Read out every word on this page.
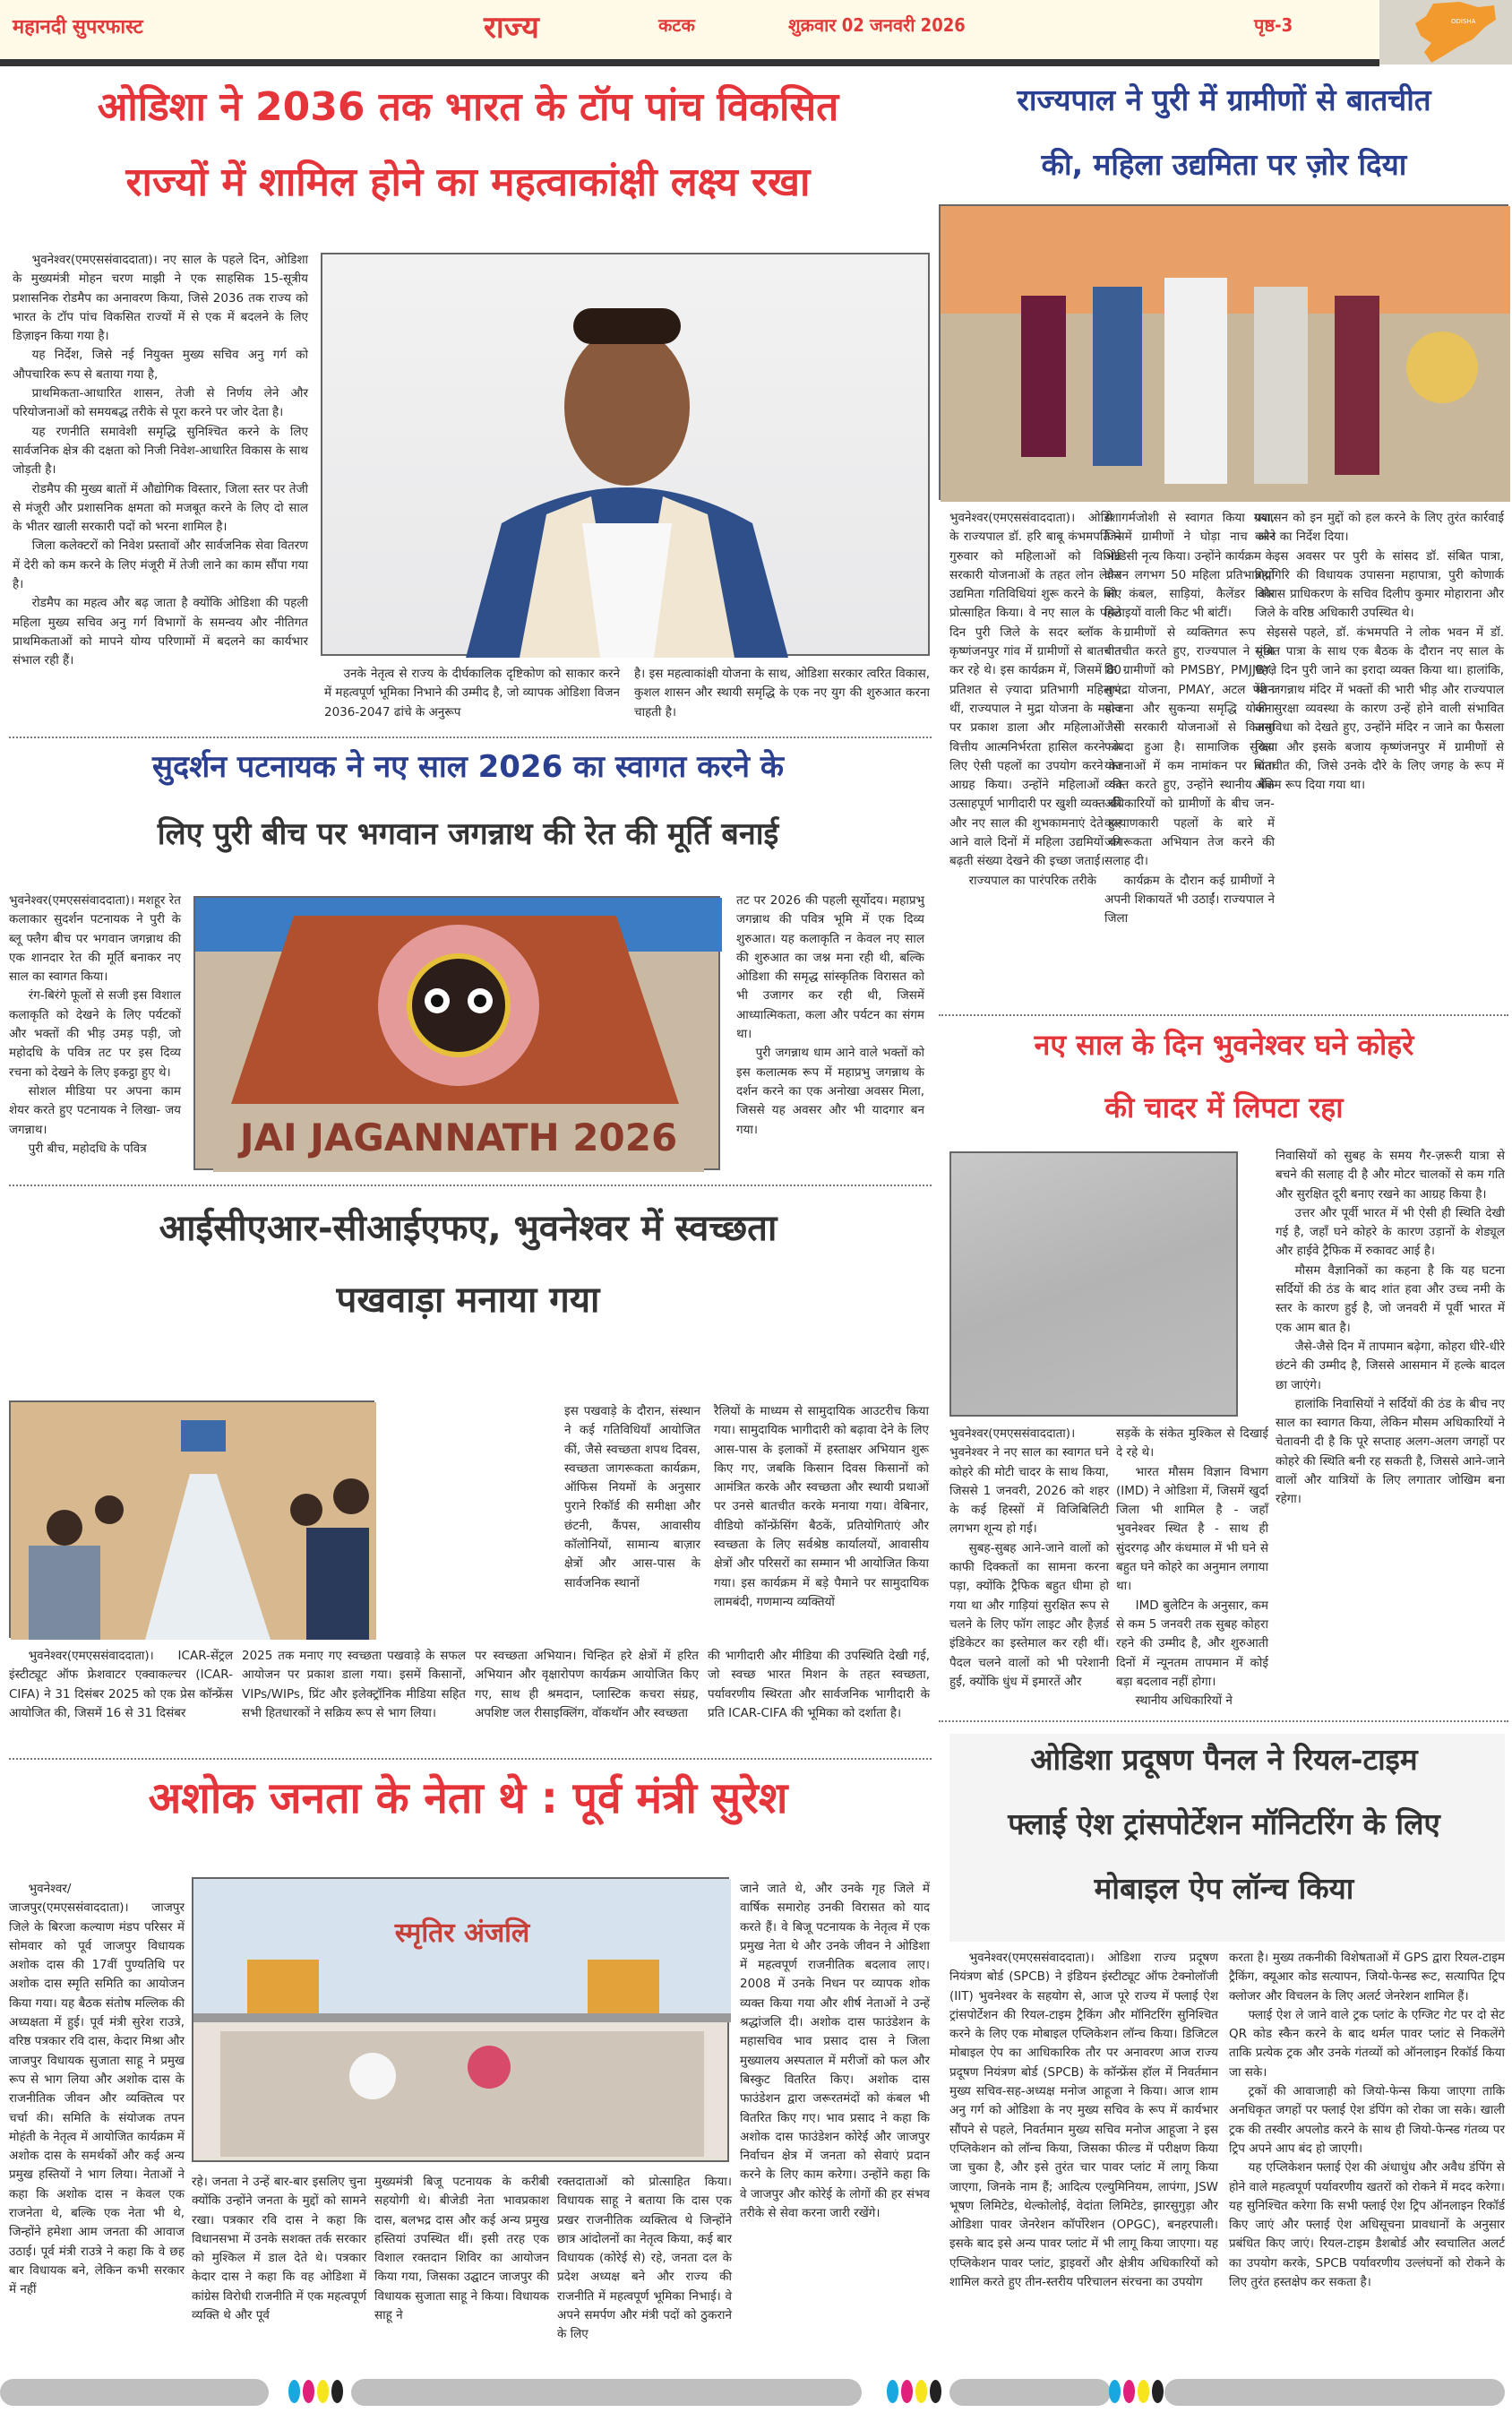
महानदी सुपरफास्ट	राज्य	कटक	शुक्रवार 02 जनवरी 2026	पृष्ठ-3	ODISHA
ओडिशा ने 2036 तक भारत के टॉप पांच विकसित
राज्यों में शामिल होने का महत्वाकांक्षी लक्ष्य रखा

भुवनेश्वर(एमएससंवाददाता)। नए साल के पहले दिन, ओडिशा के मुख्यमंत्री मोहन चरण माझी ने एक साहसिक 15-सूत्रीय प्रशासनिक रोडमैप का अनावरण किया, जिसे 2036 तक राज्य को भारत के टॉप पांच विकसित राज्यों में से एक में बदलने के लिए डिज़ाइन किया गया है।

यह निर्देश, जिसे नई नियुक्त मुख्य सचिव अनु गर्ग को औपचारिक रूप से बताया गया है,

प्राथमिकता-आधारित शासन, तेजी से निर्णय लेने और परियोजनाओं को समयबद्ध तरीके से पूरा करने पर जोर देता है।

यह रणनीति समावेशी समृद्धि सुनिश्चित करने के लिए सार्वजनिक क्षेत्र की दक्षता को निजी निवेश-आधारित विकास के साथ जोड़ती है।

रोडमैप की मुख्य बातों में औद्योगिक विस्तार, जिला स्तर पर तेजी से मंजूरी और प्रशासनिक क्षमता को मजबूत करने के लिए दो साल के भीतर खाली सरकारी पदों को भरना शामिल है।

जिला कलेक्टरों को निवेश प्रस्तावों और सार्वजनिक सेवा वितरण में देरी को कम करने के लिए मंजूरी में तेजी लाने का काम सौंपा गया है।

रोडमैप का महत्व और बढ़ जाता है क्योंकि ओडिशा की पहली महिला मुख्य सचिव अनु गर्ग विभागों के समन्वय और नीतिगत प्राथमिकताओं को मापने योग्य परिणामों में बदलने का कार्यभार संभाल रही हैं।

उनके नेतृत्व से राज्य के दीर्घकालिक दृष्टिकोण को साकार करने में महत्वपूर्ण भूमिका निभाने की उम्मीद है, जो व्यापक ओडिशा विजन 2036-2047 ढांचे के अनुरूप

है। इस महत्वाकांक्षी योजना के साथ, ओडिशा सरकार त्वरित विकास, कुशल शासन और स्थायी समृद्धि के एक नए युग की शुरुआत करना चाहती है।

राज्यपाल ने पुरी में ग्रामीणों से बातचीत
की, महिला उद्यमिता पर ज़ोर दिया

भुवनेश्वर(एमएससंवाददाता)। ओडिशा के राज्यपाल डॉ. हरि बाबू कंभमपति ने गुरुवार को महिलाओं को विभिन्न सरकारी योजनाओं के तहत लोन लेकर उद्यमिता गतिविधियां शुरू करने के लिए प्रोत्साहित किया। वे नए साल के पहले दिन पुरी जिले के सदर ब्लॉक के कृष्णंजनपुर गांव में ग्रामीणों से बातचीत कर रहे थे। इस कार्यक्रम में, जिसमें 80 प्रतिशत से ज़्यादा प्रतिभागी महिलाएं थीं, राज्यपाल ने मुद्रा योजना के महत्व पर प्रकाश डाला और महिलाओं से वित्तीय आत्मनिर्भरता हासिल करने के लिए ऐसी पहलों का उपयोग करने का आग्रह किया। उन्होंने महिलाओं की उत्साहपूर्ण भागीदारी पर खुशी व्यक्त की और नए साल की शुभकामनाएं देते हुए आने वाले दिनों में महिला उद्यमियों की बढ़ती संख्या देखने की इच्छा जताई।

राज्यपाल का पारंपरिक तरीके

से गर्मजोशी से स्वागत किया गया, जिसमें ग्रामीणों ने घोड़ा नाच और ओडिसी नृत्य किया। उन्होंने कार्यक्रम के दौरान लगभग 50 महिला प्रतिभागियों को कंबल, साड़ियां, कैलेंडर और मिठाइयों वाली किट भी बांटीं।

ग्रामीणों से व्यक्तिगत रूप से बातचीत करते हुए, राज्यपाल ने पूछा कि ग्रामीणों को PMSBY, PMJJBY, सुभद्रा योजना, PMAY, अटल पेंशन योजना और सुकन्या समृद्धि योजना जैसी सरकारी योजनाओं से कितना फायदा हुआ है। सामाजिक सुरक्षा योजनाओं में कम नामांकन पर चिंता व्यक्त करते हुए, उन्होंने स्थानीय बैंक अधिकारियों को ग्रामीणों के बीच जन-कल्याणकारी पहलों के बारे में जागरूकता अभियान तेज करने की सलाह दी।

कार्यक्रम के दौरान कई ग्रामीणों ने अपनी शिकायतें भी उठाईं। राज्यपाल ने जिला

प्रशासन को इन मुद्दों को हल करने के लिए तुरंत कार्रवाई करने का निर्देश दिया।

इस अवसर पर पुरी के सांसद डॉ. संबित पात्रा, ब्रह्मगिरि की विधायक उपासना महापात्रा, पुरी कोणार्क विकास प्राधिकरण के सचिव दिलीप कुमार मोहाराना और जिले के वरिष्ठ अधिकारी उपस्थित थे।

इससे पहले, डॉ. कंभमपति ने लोक भवन में डॉ. संबित पात्रा के साथ एक बैठक के दौरान नए साल के पहले दिन पुरी जाने का इरादा व्यक्त किया था। हालांकि, श्री जगन्नाथ मंदिर में भक्तों की भारी भीड़ और राज्यपाल की सुरक्षा व्यवस्था के कारण उन्हें होने वाली संभावित असुविधा को देखते हुए, उन्होंने मंदिर न जाने का फैसला किया और इसके बजाय कृष्णंजनपुर में ग्रामीणों से बातचीत की, जिसे उनके दौरे के लिए जगह के रूप में अंतिम रूप दिया गया था।

सुदर्शन पटनायक ने नए साल 2026 का स्वागत करने के
लिए पुरी बीच पर भगवान जगन्नाथ की रेत की मूर्ति बनाई

भुवनेश्वर(एमएससंवाददाता)। मशहूर रेत कलाकार सुदर्शन पटनायक ने पुरी के ब्लू फ्लैग बीच पर भगवान जगन्नाथ की एक शानदार रेत की मूर्ति बनाकर नए साल का स्वागत किया।

रंग-बिरंगे फूलों से सजी इस विशाल कलाकृति को देखने के लिए पर्यटकों और भक्तों की भीड़ उमड़ पड़ी, जो महोदधि के पवित्र तट पर इस दिव्य रचना को देखने के लिए इकट्ठा हुए थे।

सोशल मीडिया पर अपना काम शेयर करते हुए पटनायक ने लिखा- जय जगन्नाथ।

पुरी बीच, महोदधि के पवित्र	JAI JAGANNATH 2026

तट पर 2026 की पहली सूर्योदय। महाप्रभु जगन्नाथ की पवित्र भूमि में एक दिव्य शुरुआत। यह कलाकृति न केवल नए साल की शुरुआत का जश्न मना रही थी, बल्कि ओडिशा की समृद्ध सांस्कृतिक विरासत को भी उजागर कर रही थी, जिसमें आध्यात्मिकता, कला और पर्यटन का संगम था।

पुरी जगन्नाथ धाम आने वाले भक्तों को इस कलात्मक रूप में महाप्रभु जगन्नाथ के दर्शन करने का एक अनोखा अवसर मिला, जिससे यह अवसर और भी यादगार बन गया।

आईसीएआर-सीआईएफए, भुवनेश्वर में स्वच्छता
पखवाड़ा मनाया गया

इस पखवाड़े के दौरान, संस्थान ने कई गतिविधियाँ आयोजित कीं, जैसे स्वच्छता शपथ दिवस, स्वच्छता जागरूकता कार्यक्रम, ऑफिस नियमों के अनुसार पुराने रिकॉर्ड की समीक्षा और छंटनी, कैंपस, आवासीय कॉलोनियों, सामान्य बाज़ार क्षेत्रों और आस-पास के सार्वजनिक स्थानों

रैलियों के माध्यम से सामुदायिक आउटरीच किया गया। सामुदायिक भागीदारी को बढ़ावा देने के लिए आस-पास के इलाकों में हस्ताक्षर अभियान शुरू किए गए, जबकि किसान दिवस किसानों को आमंत्रित करके और स्वच्छता और स्थायी प्रथाओं पर उनसे बातचीत करके मनाया गया। वेबिनार, वीडियो कॉन्फ्रेंसिंग बैठकें, प्रतियोगिताएं और स्वच्छता के लिए सर्वश्रेष्ठ कार्यालयों, आवासीय क्षेत्रों और परिसरों का सम्मान भी आयोजित किया गया। इस कार्यक्रम में बड़े पैमाने पर सामुदायिक लामबंदी, गणमान्य व्यक्तियों

भुवनेश्वर(एमएससंवाददाता)। ICAR-सेंट्रल इंस्टीट्यूट ऑफ फ्रेशवाटर एक्वाकल्चर (ICAR-CIFA) ने 31 दिसंबर 2025 को एक प्रेस कॉन्फ्रेंस आयोजित की, जिसमें 16 से 31 दिसंबर

2025 तक मनाए गए स्वच्छता पखवाड़े के सफल आयोजन पर प्रकाश डाला गया। इसमें किसानों, VIPs/WIPs, प्रिंट और इलेक्ट्रॉनिक मीडिया सहित सभी हितधारकों ने सक्रिय रूप से भाग लिया।

पर स्वच्छता अभियान। चिन्हित हरे क्षेत्रों में हरित अभियान और वृक्षारोपण कार्यक्रम आयोजित किए गए, साथ ही श्रमदान, प्लास्टिक कचरा संग्रह, अपशिष्ट जल रीसाइक्लिंग, वॉकथॉन और स्वच्छता

की भागीदारी और मीडिया की उपस्थिति देखी गई, जो स्वच्छ भारत मिशन के तहत स्वच्छता, पर्यावरणीय स्थिरता और सार्वजनिक भागीदारी के प्रति ICAR-CIFA की भूमिका को दर्शाता है।

नए साल के दिन भुवनेश्वर घने कोहरे
की चादर में लिपटा रहा

निवासियों को सुबह के समय गैर-ज़रूरी यात्रा से बचने की सलाह दी है और मोटर चालकों से कम गति और सुरक्षित दूरी बनाए रखने का आग्रह किया है।

उत्तर और पूर्वी भारत में भी ऐसी ही स्थिति देखी गई है, जहाँ घने कोहरे के कारण उड़ानों के शेड्यूल और हाईवे ट्रैफिक में रुकावट आई है।

मौसम वैज्ञानिकों का कहना है कि यह घटना सर्दियों की ठंड के बाद शांत हवा और उच्च नमी के स्तर के कारण हुई है, जो जनवरी में पूर्वी भारत में एक आम बात है।

जैसे-जैसे दिन में तापमान बढ़ेगा, कोहरा धीरे-धीरे छंटने की उम्मीद है, जिससे आसमान में हल्के बादल छा जाएंगे।

हालांकि निवासियों ने सर्दियों की ठंड के बीच नए साल का स्वागत किया, लेकिन मौसम अधिकारियों ने चेतावनी दी है कि पूरे सप्ताह अलग-अलग जगहों पर कोहरे की स्थिति बनी रह सकती है, जिससे आने-जाने वालों और यात्रियों के लिए लगातार जोखिम बना रहेगा।

भुवनेश्वर(एमएससंवाददाता)। भुवनेश्वर ने नए साल का स्वागत घने कोहरे की मोटी चादर के साथ किया, जिससे 1 जनवरी, 2026 को शहर के कई हिस्सों में विजिबिलिटी लगभग शून्य हो गई।

सुबह-सुबह आने-जाने वालों को काफी दिक्कतों का सामना करना पड़ा, क्योंकि ट्रैफिक बहुत धीमा हो गया था और गाड़ियां सुरक्षित रूप से चलने के लिए फॉग लाइट और हैज़र्ड इंडिकेटर का इस्तेमाल कर रही थीं। पैदल चलने वालों को भी परेशानी हुई, क्योंकि धुंध में इमारतें और

सड़कें के संकेत मुश्किल से दिखाई दे रहे थे।

भारत मौसम विज्ञान विभाग (IMD) ने ओडिशा में, जिसमें खुर्दा जिला भी शामिल है - जहाँ भुवनेश्वर स्थित है - साथ ही सुंदरगढ़ और कंधमाल में भी घने से बहुत घने कोहरे का अनुमान लगाया था।

IMD बुलेटिन के अनुसार, कम से कम 5 जनवरी तक सुबह कोहरा रहने की उम्मीद है, और शुरुआती दिनों में न्यूनतम तापमान में कोई बड़ा बदलाव नहीं होगा।

स्थानीय अधिकारियों ने

अशोक जनता के नेता थे : पूर्व मंत्री सुरेश

भुवनेश्वर/जाजपुर(एमएससंवाददाता)। जाजपुर जिले के बिरजा कल्याण मंडप परिसर में सोमवार को पूर्व जाजपुर विधायक अशोक दास की 17वीं पुण्यतिथि पर अशोक दास स्मृति समिति का आयोजन किया गया। यह बैठक संतोष मल्लिक की अध्यक्षता में हुई। पूर्व मंत्री सुरेश राउत्रे, वरिष्ठ पत्रकार रवि दास, केदार मिश्रा और जाजपुर विधायक सुजाता साहू ने प्रमुख रूप से भाग लिया और अशोक दास के राजनीतिक जीवन और व्यक्तित्व पर चर्चा की। समिति के संयोजक तपन मोहंती के नेतृत्व में आयोजित कार्यक्रम में अशोक दास के समर्थकों और कई अन्य प्रमुख हस्तियों ने भाग लिया। नेताओं ने कहा कि अशोक दास न केवल एक राजनेता थे, बल्कि एक नेता भी थे, जिन्होंने हमेशा आम जनता की आवाज उठाई। पूर्व मंत्री राउत्रे ने कहा कि वे छह बार विधायक बने, लेकिन कभी सरकार में नहीं

स्मृतिर अंजलि

जाने जाते थे, और उनके गृह जिले में वार्षिक समारोह उनकी विरासत को याद करते हैं। वे बिजू पटनायक के नेतृत्व में एक प्रमुख नेता थे और उनके जीवन ने ओडिशा में महत्वपूर्ण राजनीतिक बदलाव लाए। 2008 में उनके निधन पर व्यापक शोक व्यक्त किया गया और शीर्ष नेताओं ने उन्हें श्रद्धांजलि दी। अशोक दास फाउंडेशन के महासचिव भाव प्रसाद दास ने जिला मुख्यालय अस्पताल में मरीजों को फल और बिस्कुट वितरित किए। अशोक दास फाउंडेशन द्वारा जरूरतमंदों को कंबल भी वितरित किए गए। भाव प्रसाद ने कहा कि अशोक दास फाउंडेशन कोरेई और जाजपुर निर्वाचन क्षेत्र में जनता को सेवाएं प्रदान करने के लिए काम करेगा। उन्होंने कहा कि वे जाजपुर और कोरेई के लोगों की हर संभव तरीके से सेवा करना जारी रखेंगे।

रहे। जनता ने उन्हें बार-बार इसलिए चुना क्योंकि उन्होंने जनता के मुद्दों को सामने रखा। पत्रकार रवि दास ने कहा कि विधानसभा में उनके सशक्त तर्क सरकार को मुश्किल में डाल देते थे। पत्रकार केदार दास ने कहा कि वह ओडिशा में कांग्रेस विरोधी राजनीति में एक महत्वपूर्ण व्यक्ति थे और पूर्व

मुख्यमंत्री बिजू पटनायक के करीबी सहयोगी थे। बीजेडी नेता भावप्रकाश दास, बलभद्र दास और कई अन्य प्रमुख हस्तियां उपस्थित थीं। इसी तरह एक विशाल रक्तदान शिविर का आयोजन किया गया, जिसका उद्घाटन जाजपुर की विधायक सुजाता साहू ने किया। विधायक साहू ने

रक्तदाताओं को प्रोत्साहित किया। विधायक साहू ने बताया कि दास एक प्रखर राजनीतिक व्यक्तित्व थे जिन्होंने छात्र आंदोलनों का नेतृत्व किया, कई बार विधायक (कोरेई से) रहे, जनता दल के प्रदेश अध्यक्ष बने और राज्य की राजनीति में महत्वपूर्ण भूमिका निभाई। वे अपने समर्पण और मंत्री पदों को ठुकराने के लिए

ओडिशा प्रदूषण पैनल ने रियल-टाइम
फ्लाई ऐश ट्रांसपोर्टेशन मॉनिटरिंग के लिए
मोबाइल ऐप लॉन्च किया

भुवनेश्वर(एमएससंवाददाता)। ओडिशा राज्य प्रदूषण नियंत्रण बोर्ड (SPCB) ने इंडियन इंस्टीट्यूट ऑफ टेक्नोलॉजी (IIT) भुवनेश्वर के सहयोग से, आज पूरे राज्य में फ्लाई ऐश ट्रांसपोर्टेशन की रियल-टाइम ट्रैकिंग और मॉनिटरिंग सुनिश्चित करने के लिए एक मोबाइल एप्लिकेशन लॉन्च किया। डिजिटल मोबाइल ऐप का आधिकारिक तौर पर अनावरण आज राज्य प्रदूषण नियंत्रण बोर्ड (SPCB) के कॉन्फ्रेंस हॉल में निवर्तमान मुख्य सचिव-सह-अध्यक्ष मनोज आहूजा ने किया। आज शाम अनु गर्ग को ओडिशा के नए मुख्य सचिव के रूप में कार्यभार सौंपने से पहले, निवर्तमान मुख्य सचिव मनोज आहूजा ने इस एप्लिकेशन को लॉन्च किया, जिसका फील्ड में परीक्षण किया जा चुका है, और इसे तुरंत चार पावर प्लांट में लागू किया जाएगा, जिनके नाम हैं; आदित्य एल्युमिनियम, लापंगा, JSW भूषण लिमिटेड, थेल्कोलोई, वेदांता लिमिटेड, झारसुगुड़ा और ओडिशा पावर जेनरेशन कॉर्पोरेशन (OPGC), बनहरपाली। इसके बाद इसे अन्य पावर प्लांट में भी लागू किया जाएगा। यह एप्लिकेशन पावर प्लांट, ड्राइवरों और क्षेत्रीय अधिकारियों को शामिल करते हुए तीन-स्तरीय परिचालन संरचना का उपयोग

करता है। मुख्य तकनीकी विशेषताओं में GPS द्वारा रियल-टाइम ट्रैकिंग, क्यूआर कोड सत्यापन, जियो-फेन्स्ड रूट, सत्यापित ट्रिप क्लोजर और विचलन के लिए अलर्ट जेनरेशन शामिल हैं।

फ्लाई ऐश ले जाने वाले ट्रक प्लांट के एग्जिट गेट पर दो सेट QR कोड स्कैन करने के बाद थर्मल पावर प्लांट से निकलेंगे ताकि प्रत्येक ट्रक और उनके गंतव्यों को ऑनलाइन रिकॉर्ड किया जा सके।

ट्रकों की आवाजाही को जियो-फेन्स किया जाएगा ताकि अनधिकृत जगहों पर फ्लाई ऐश डंपिंग को रोका जा सके। खाली ट्रक की तस्वीर अपलोड करने के साथ ही जियो-फेन्स्ड गंतव्य पर ट्रिप अपने आप बंद हो जाएगी।

यह एप्लिकेशन फ्लाई ऐश की अंधाधुंध और अवैध डंपिंग से होने वाले महत्वपूर्ण पर्यावरणीय खतरों को रोकने में मदद करेगा। यह सुनिश्चित करेगा कि सभी फ्लाई ऐश ट्रिप ऑनलाइन रिकॉर्ड किए जाएं और फ्लाई ऐश अधिसूचना प्रावधानों के अनुसार प्रबंधित किए जाएं। रियल-टाइम डैशबोर्ड और स्वचालित अलर्ट का उपयोग करके, SPCB पर्यावरणीय उल्लंघनों को रोकने के लिए तुरंत हस्तक्षेप कर सकता है।
